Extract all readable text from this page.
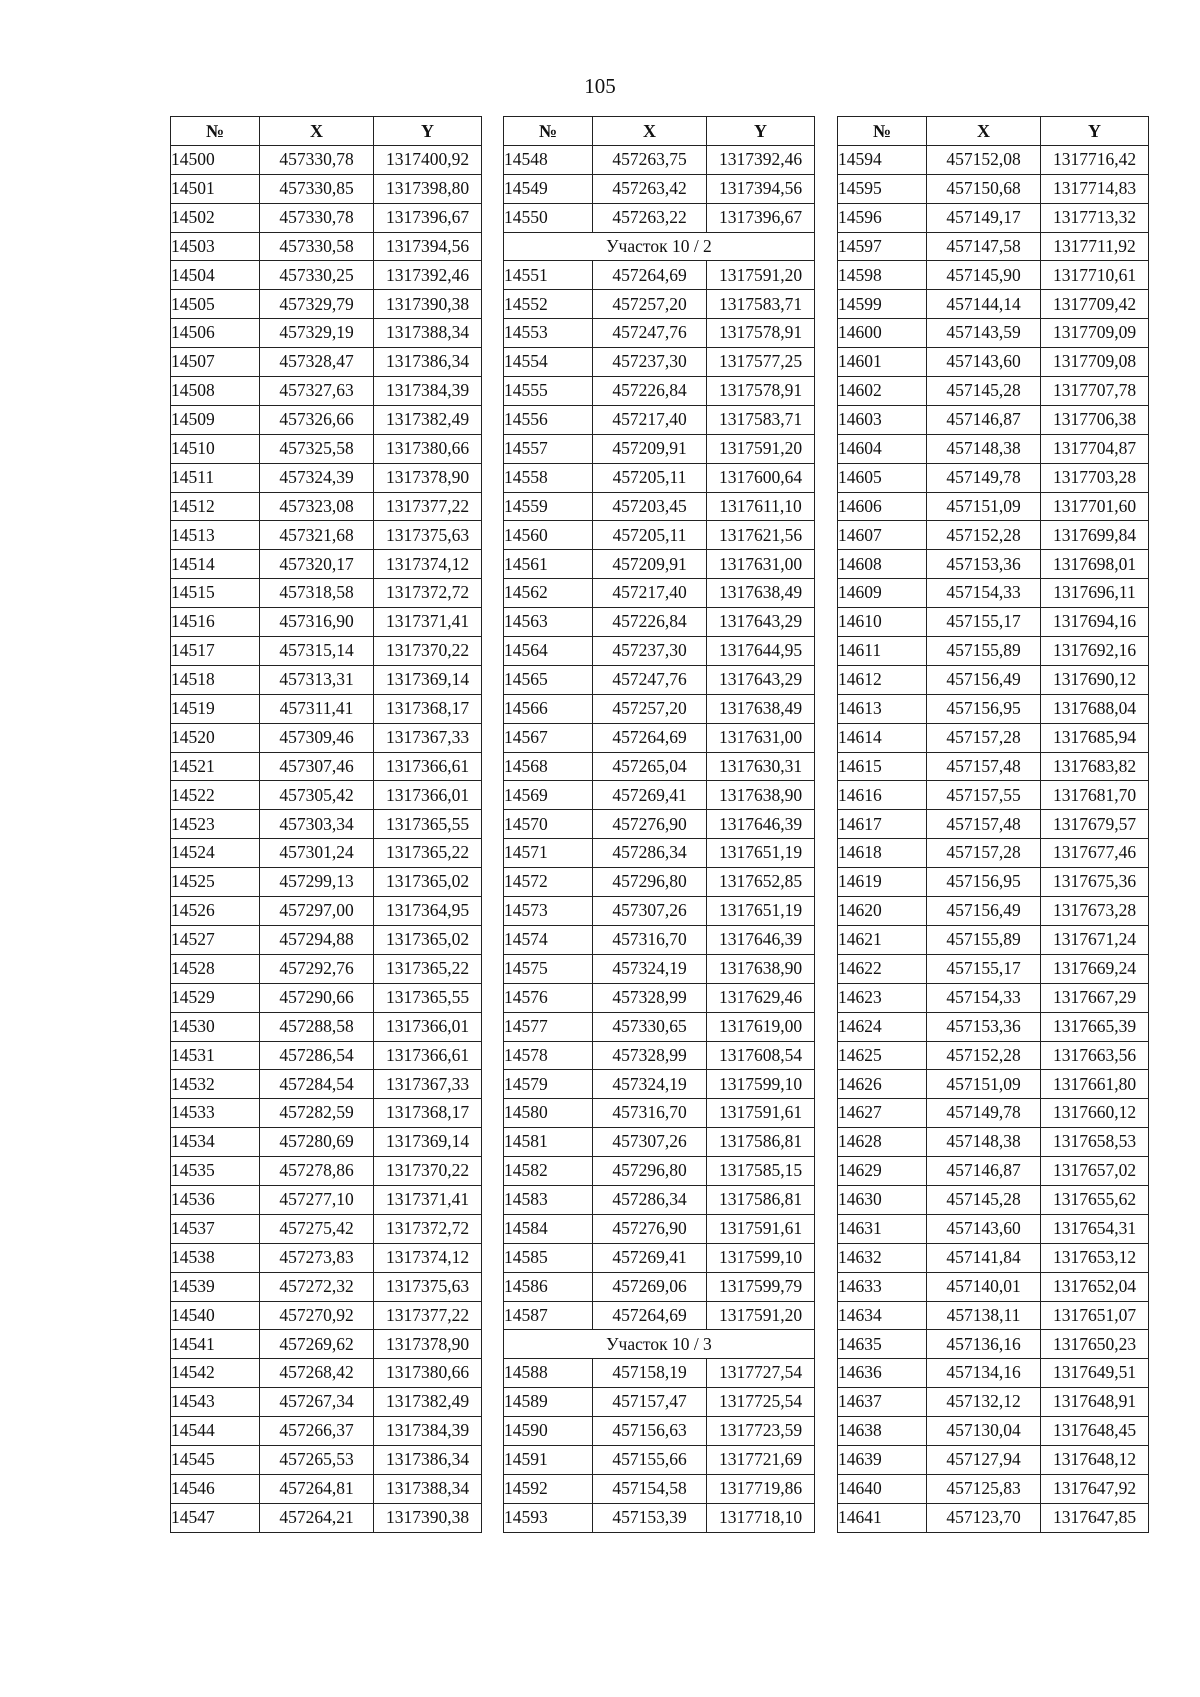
105
№	X	Y
14500	457330,78	1317400,92
14501	457330,85	1317398,80
14502	457330,78	1317396,67
14503	457330,58	1317394,56
14504	457330,25	1317392,46
14505	457329,79	1317390,38
14506	457329,19	1317388,34
14507	457328,47	1317386,34
14508	457327,63	1317384,39
14509	457326,66	1317382,49
14510	457325,58	1317380,66
14511	457324,39	1317378,90
14512	457323,08	1317377,22
14513	457321,68	1317375,63
14514	457320,17	1317374,12
14515	457318,58	1317372,72
14516	457316,90	1317371,41
14517	457315,14	1317370,22
14518	457313,31	1317369,14
14519	457311,41	1317368,17
14520	457309,46	1317367,33
14521	457307,46	1317366,61
14522	457305,42	1317366,01
14523	457303,34	1317365,55
14524	457301,24	1317365,22
14525	457299,13	1317365,02
14526	457297,00	1317364,95
14527	457294,88	1317365,02
14528	457292,76	1317365,22
14529	457290,66	1317365,55
14530	457288,58	1317366,01
14531	457286,54	1317366,61
14532	457284,54	1317367,33
14533	457282,59	1317368,17
14534	457280,69	1317369,14
14535	457278,86	1317370,22
14536	457277,10	1317371,41
14537	457275,42	1317372,72
14538	457273,83	1317374,12
14539	457272,32	1317375,63
14540	457270,92	1317377,22
14541	457269,62	1317378,90
14542	457268,42	1317380,66
14543	457267,34	1317382,49
14544	457266,37	1317384,39
14545	457265,53	1317386,34
14546	457264,81	1317388,34
14547	457264,21	1317390,38
№	X	Y
14548	457263,75	1317392,46
14549	457263,42	1317394,56
14550	457263,22	1317396,67
Участок 10 / 2		
14551	457264,69	1317591,20
14552	457257,20	1317583,71
14553	457247,76	1317578,91
14554	457237,30	1317577,25
14555	457226,84	1317578,91
14556	457217,40	1317583,71
14557	457209,91	1317591,20
14558	457205,11	1317600,64
14559	457203,45	1317611,10
14560	457205,11	1317621,56
14561	457209,91	1317631,00
14562	457217,40	1317638,49
14563	457226,84	1317643,29
14564	457237,30	1317644,95
14565	457247,76	1317643,29
14566	457257,20	1317638,49
14567	457264,69	1317631,00
14568	457265,04	1317630,31
14569	457269,41	1317638,90
14570	457276,90	1317646,39
14571	457286,34	1317651,19
14572	457296,80	1317652,85
14573	457307,26	1317651,19
14574	457316,70	1317646,39
14575	457324,19	1317638,90
14576	457328,99	1317629,46
14577	457330,65	1317619,00
14578	457328,99	1317608,54
14579	457324,19	1317599,10
14580	457316,70	1317591,61
14581	457307,26	1317586,81
14582	457296,80	1317585,15
14583	457286,34	1317586,81
14584	457276,90	1317591,61
14585	457269,41	1317599,10
14586	457269,06	1317599,79
14587	457264,69	1317591,20
Участок 10 / 3		
14588	457158,19	1317727,54
14589	457157,47	1317725,54
14590	457156,63	1317723,59
14591	457155,66	1317721,69
14592	457154,58	1317719,86
14593	457153,39	1317718,10
№	X	Y
14594	457152,08	1317716,42
14595	457150,68	1317714,83
14596	457149,17	1317713,32
14597	457147,58	1317711,92
14598	457145,90	1317710,61
14599	457144,14	1317709,42
14600	457143,59	1317709,09
14601	457143,60	1317709,08
14602	457145,28	1317707,78
14603	457146,87	1317706,38
14604	457148,38	1317704,87
14605	457149,78	1317703,28
14606	457151,09	1317701,60
14607	457152,28	1317699,84
14608	457153,36	1317698,01
14609	457154,33	1317696,11
14610	457155,17	1317694,16
14611	457155,89	1317692,16
14612	457156,49	1317690,12
14613	457156,95	1317688,04
14614	457157,28	1317685,94
14615	457157,48	1317683,82
14616	457157,55	1317681,70
14617	457157,48	1317679,57
14618	457157,28	1317677,46
14619	457156,95	1317675,36
14620	457156,49	1317673,28
14621	457155,89	1317671,24
14622	457155,17	1317669,24
14623	457154,33	1317667,29
14624	457153,36	1317665,39
14625	457152,28	1317663,56
14626	457151,09	1317661,80
14627	457149,78	1317660,12
14628	457148,38	1317658,53
14629	457146,87	1317657,02
14630	457145,28	1317655,62
14631	457143,60	1317654,31
14632	457141,84	1317653,12
14633	457140,01	1317652,04
14634	457138,11	1317651,07
14635	457136,16	1317650,23
14636	457134,16	1317649,51
14637	457132,12	1317648,91
14638	457130,04	1317648,45
14639	457127,94	1317648,12
14640	457125,83	1317647,92
14641	457123,70	1317647,85
